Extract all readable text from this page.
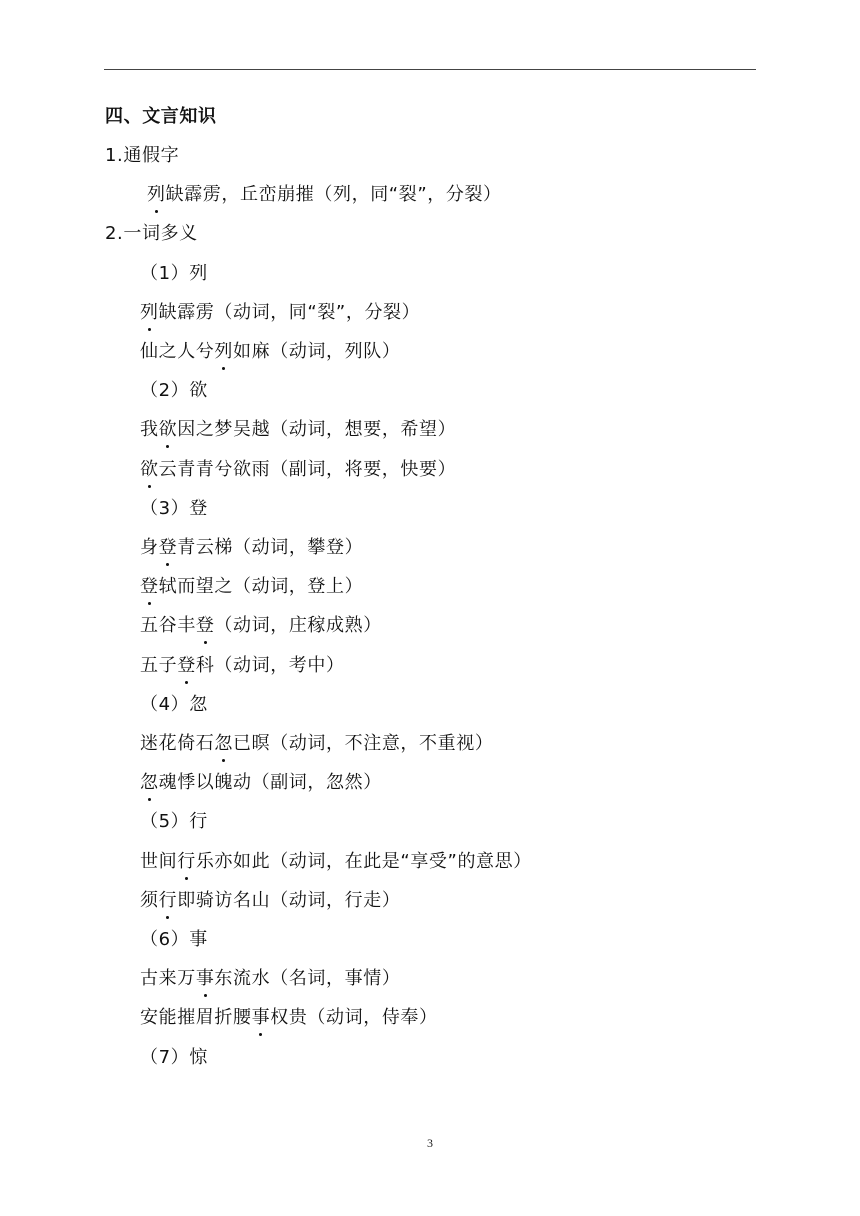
四、文言知识
1.通假字
列缺霹雳，丘峦崩摧（列，同“裂”，分裂）
2.一词多义
（1）列
列缺霹雳（动词，同“裂”，分裂）
仙之人兮列如麻（动词，列队）
（2）欲
我欲因之梦吴越（动词，想要，希望）
欲云青青兮欲雨（副词，将要，快要）
（3）登
身登青云梯（动词，攀登）
登轼而望之（动词，登上）
五谷丰登（动词，庄稼成熟）
五子登科（动词，考中）
（4）忽
迷花倚石忽已暝（动词，不注意，不重视）
忽魂悸以魄动（副词，忽然）
（5）行
世间行乐亦如此（动词，在此是“享受”的意思）
须行即骑访名山（动词，行走）
（6）事
古来万事东流水（名词，事情）
安能摧眉折腰事权贵（动词，侍奉）
（7）惊
3
